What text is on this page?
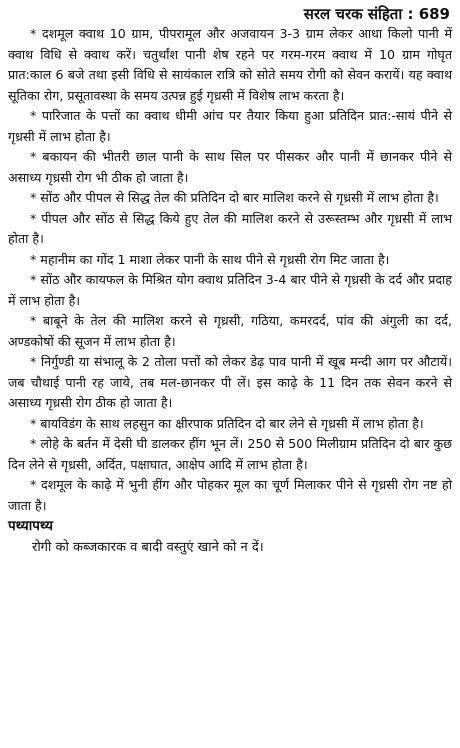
सरल चरक संहिता : 689

* दशमूल क्वाथ 10 ग्राम, पीपरामूल और अजवायन 3-3 ग्राम लेकर आधा किलो पानी में क्वाथ विधि से क्वाथ करें। चतुर्थांश पानी शेष रहने पर गरम-गरम क्वाथ में 10 ग्राम गोघृत प्रात:काल 6 बजे तथा इसी विधि से सायंकाल रात्रि को सोते समय रोगी को सेवन करायें। यह क्वाथ सूतिका रोग, प्रसूतावस्था के समय उत्पन्न हुई गृध्रसी में विशेष लाभ करता है।

* पारिजात के पत्तों का क्वाथ धीमी आंच पर तैयार किया हुआ प्रतिदिन प्रात:-सायं पीने से गृध्रसी में लाभ होता है।

* बकायन की भीतरी छाल पानी के साथ सिल पर पीसकर और पानी में छानकर पीने से असाध्य गृध्रसी रोग भी ठीक हो जाता है।

* सोंठ और पीपल से सिद्ध तेल की प्रतिदिन दो बार मालिश करने से गृध्रसी में लाभ होता है।

* पीपल और सोंठ से सिद्ध किये हुए तेल की मालिश करने से उरूस्तम्भ और गृध्रसी में लाभ होता है।

* महानीम का गोंद 1 माशा लेकर पानी के साथ पीने से गृध्रसी रोग मिट जाता है।

* सोंठ और कायफल के मिश्रित योग क्वाथ प्रतिदिन 3-4 बार पीने से गृध्रसी के दर्द और प्रदाह में लाभ होता है।

* बाबूने के तेल की मालिश करने से गृध्रसी, गठिया, कमरदर्द, पांव की अंगुली का दर्द, अण्डकोषों की सूजन में लाभ होता है।

* निर्गुण्डी या संभालू के 2 तोला पत्तों को लेकर डेढ़ पाव पानी में खूब मन्दी आग पर औटायें। जब चौथाई पानी रह जाये, तब मल-छानकर पी लें। इस काढ़े के 11 दिन तक सेवन करने से असाध्य गृध्रसी रोग ठीक हो जाता है।

* बायविडंग के साथ लहसुन का क्षीरपाक प्रतिदिन दो बार लेने से गृध्रसी में लाभ होता है।

* लोहे के बर्तन में देसी घी डालकर हींग भून लें। 250 से 500 मिलीग्राम प्रतिदिन दो बार कुछ दिन लेने से गृध्रसी, अर्दित, पक्षाघात, आक्षेप आदि में लाभ होता है।

* दशमूल के काढ़े में भुनी हींग और पोहकर मूल का चूर्ण मिलाकर पीने से गृध्रसी रोग नष्ट हो जाता है।

पथ्यापथ्य

रोगी को कब्जकारक व बादी वस्तुएं खाने को न दें।
